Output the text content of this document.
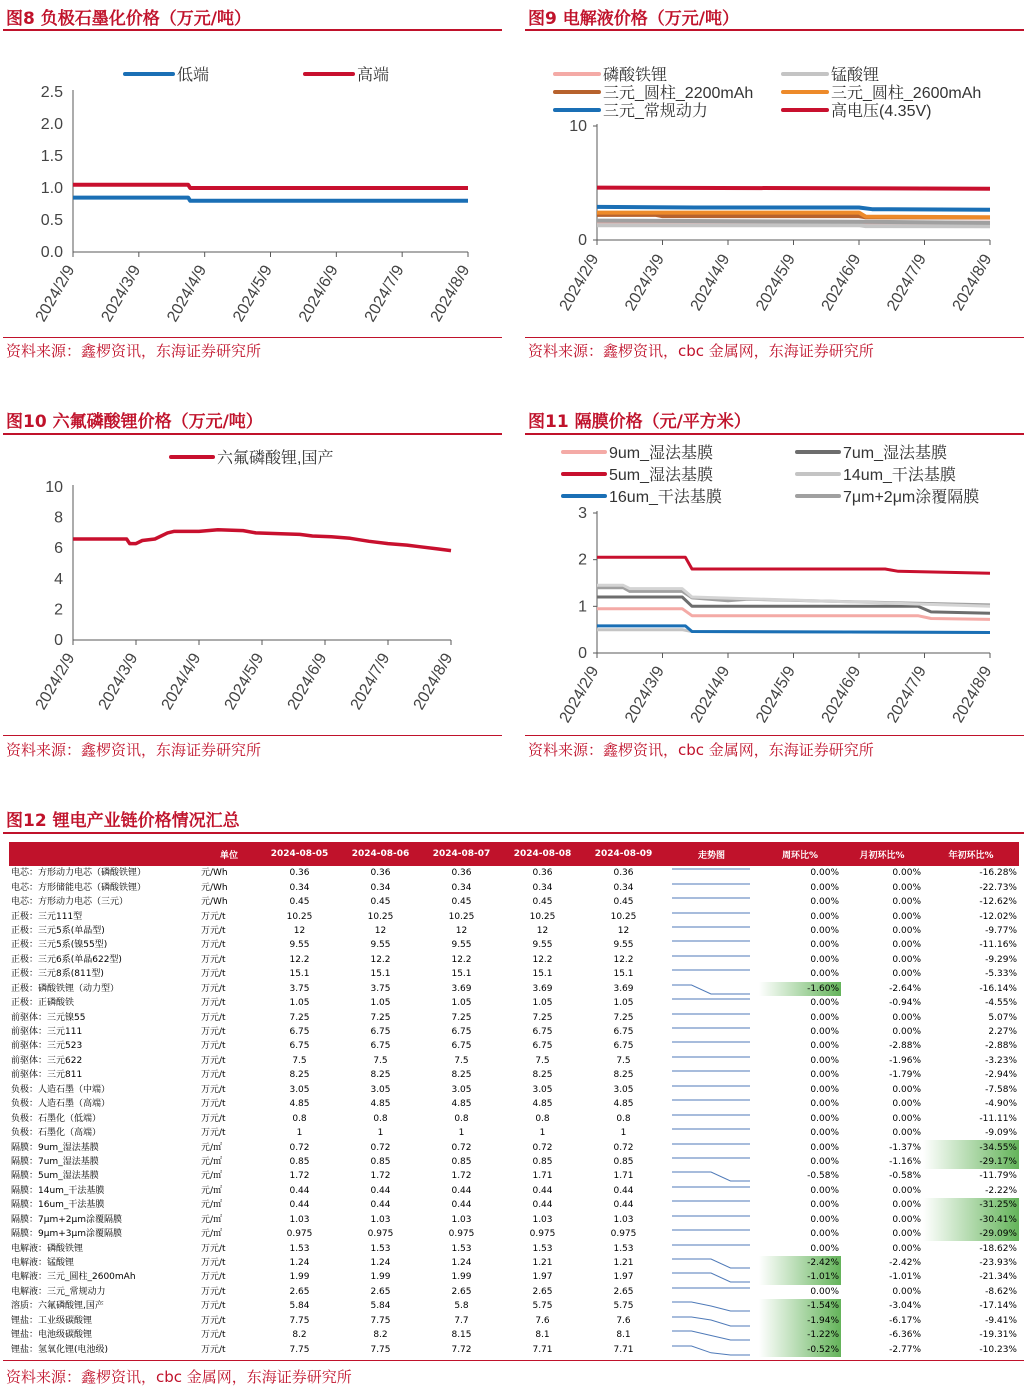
图8 负极石墨化价格（万元/吨）
0.0
0.5
1.0
1.5
2.0
2.5
2024/2/9 2024/3/9 2024/4/9 2024/5/9 2024/6/9 2024/7/9 2024/8/9
低端	高端
资料来源：鑫椤资讯，东海证券研究所
图9 电解液价格（万元/吨）
0
10
2024/2/9 2024/3/9 2024/4/9 2024/5/9 2024/6/9 2024/7/9 2024/8/9
磷酸铁锂	锰酸锂
三元_圆柱_2200mAh	三元_圆柱_2600mAh
三元_常规动力	高电压(4.35V)
资料来源：鑫椤资讯，cbc 金属网，东海证券研究所
图10 六氟磷酸锂价格（万元/吨）
0
2
4
6
8
10
2024/2/9 2024/3/9 2024/4/9 2024/5/9 2024/6/9 2024/7/9 2024/8/9
六氟磷酸锂,国产
资料来源：鑫椤资讯，东海证券研究所
图11 隔膜价格（元/平方米）
0
1
2
3
2024/2/9 2024/3/9 2024/4/9 2024/5/9 2024/6/9 2024/7/9 2024/8/9
9um_湿法基膜	7um_湿法基膜
5um_湿法基膜	14um_干法基膜
16um_干法基膜	7μm+2μm涂覆隔膜
资料来源：鑫椤资讯，cbc 金属网，东海证券研究所
图12 锂电产业链价格情况汇总
	单位	2024-08-05	2024-08-06	2024-08-07	2024-08-08	2024-08-09	走势图	周环比%	月初环比%	年初环比%
电芯：方形动力电芯（磷酸铁锂）	元/Wh	0.36	0.36	0.36	0.36	0.36		0.00%	0.00%	-16.28%
电芯：方形储能电芯（磷酸铁锂）	元/Wh	0.34	0.34	0.34	0.34	0.34		0.00%	0.00%	-22.73%
电芯：方形动力电芯（三元）	元/Wh	0.45	0.45	0.45	0.45	0.45		0.00%	0.00%	-12.62%
正极：三元111型	万元/t	10.25	10.25	10.25	10.25	10.25		0.00%	0.00%	-12.02%
正极：三元5系(单晶型)	万元/t	12	12	12	12	12		0.00%	0.00%	-9.77%
正极：三元5系(镍55型)	万元/t	9.55	9.55	9.55	9.55	9.55		0.00%	0.00%	-11.16%
正极：三元6系(单晶622型)	万元/t	12.2	12.2	12.2	12.2	12.2		0.00%	0.00%	-9.29%
正极：三元8系(811型)	万元/t	15.1	15.1	15.1	15.1	15.1		0.00%	0.00%	-5.33%
正极：磷酸铁锂（动力型）	万元/t	3.75	3.75	3.69	3.69	3.69		-1.60%	-2.64%	-16.14%
正极：正磷酸铁	万元/t	1.05	1.05	1.05	1.05	1.05		0.00%	-0.94%	-4.55%
前驱体：三元镍55	万元/t	7.25	7.25	7.25	7.25	7.25		0.00%	0.00%	5.07%
前驱体：三元111	万元/t	6.75	6.75	6.75	6.75	6.75		0.00%	0.00%	2.27%
前驱体：三元523	万元/t	6.75	6.75	6.75	6.75	6.75		0.00%	-2.88%	-2.88%
前驱体：三元622	万元/t	7.5	7.5	7.5	7.5	7.5		0.00%	-1.96%	-3.23%
前驱体：三元811	万元/t	8.25	8.25	8.25	8.25	8.25		0.00%	-1.79%	-2.94%
负极：人造石墨（中端）	万元/t	3.05	3.05	3.05	3.05	3.05		0.00%	0.00%	-7.58%
负极：人造石墨（高端）	万元/t	4.85	4.85	4.85	4.85	4.85		0.00%	0.00%	-4.90%
负极：石墨化（低端）	万元/t	0.8	0.8	0.8	0.8	0.8		0.00%	0.00%	-11.11%
负极：石墨化（高端）	万元/t	1	1	1	1	1		0.00%	0.00%	-9.09%
隔膜：9um_湿法基膜	元/㎡	0.72	0.72	0.72	0.72	0.72		0.00%	-1.37%	-34.55%
隔膜：7um_湿法基膜	元/㎡	0.85	0.85	0.85	0.85	0.85		0.00%	-1.16%	-29.17%
隔膜：5um_湿法基膜	元/㎡	1.72	1.72	1.72	1.71	1.71		-0.58%	-0.58%	-11.79%
隔膜：14um_干法基膜	元/㎡	0.44	0.44	0.44	0.44	0.44		0.00%	0.00%	-2.22%
隔膜：16um_干法基膜	元/㎡	0.44	0.44	0.44	0.44	0.44		0.00%	0.00%	-31.25%
隔膜：7μm+2μm涂覆隔膜	元/㎡	1.03	1.03	1.03	1.03	1.03		0.00%	0.00%	-30.41%
隔膜：9μm+3μm涂覆隔膜	元/㎡	0.975	0.975	0.975	0.975	0.975		0.00%	0.00%	-29.09%
电解液：磷酸铁锂	万元/t	1.53	1.53	1.53	1.53	1.53		0.00%	0.00%	-18.62%
电解液：锰酸锂	万元/t	1.24	1.24	1.24	1.21	1.21		-2.42%	-2.42%	-23.93%
电解液：三元_圆柱_2600mAh	万元/t	1.99	1.99	1.99	1.97	1.97		-1.01%	-1.01%	-21.34%
电解液：三元_常规动力	万元/t	2.65	2.65	2.65	2.65	2.65		0.00%	0.00%	-8.62%
溶质：六氟磷酸锂,国产	万元/t	5.84	5.84	5.8	5.75	5.75		-1.54%	-3.04%	-17.14%
锂盐：工业级碳酸锂	万元/t	7.75	7.75	7.7	7.6	7.6		-1.94%	-6.17%	-9.41%
锂盐：电池级碳酸锂	万元/t	8.2	8.2	8.15	8.1	8.1		-1.22%	-6.36%	-19.31%
锂盐：氢氧化锂(电池级)	万元/t	7.75	7.75	7.72	7.71	7.71		-0.52%	-2.77%	-10.23%
资料来源：鑫椤资讯，cbc 金属网，东海证券研究所
